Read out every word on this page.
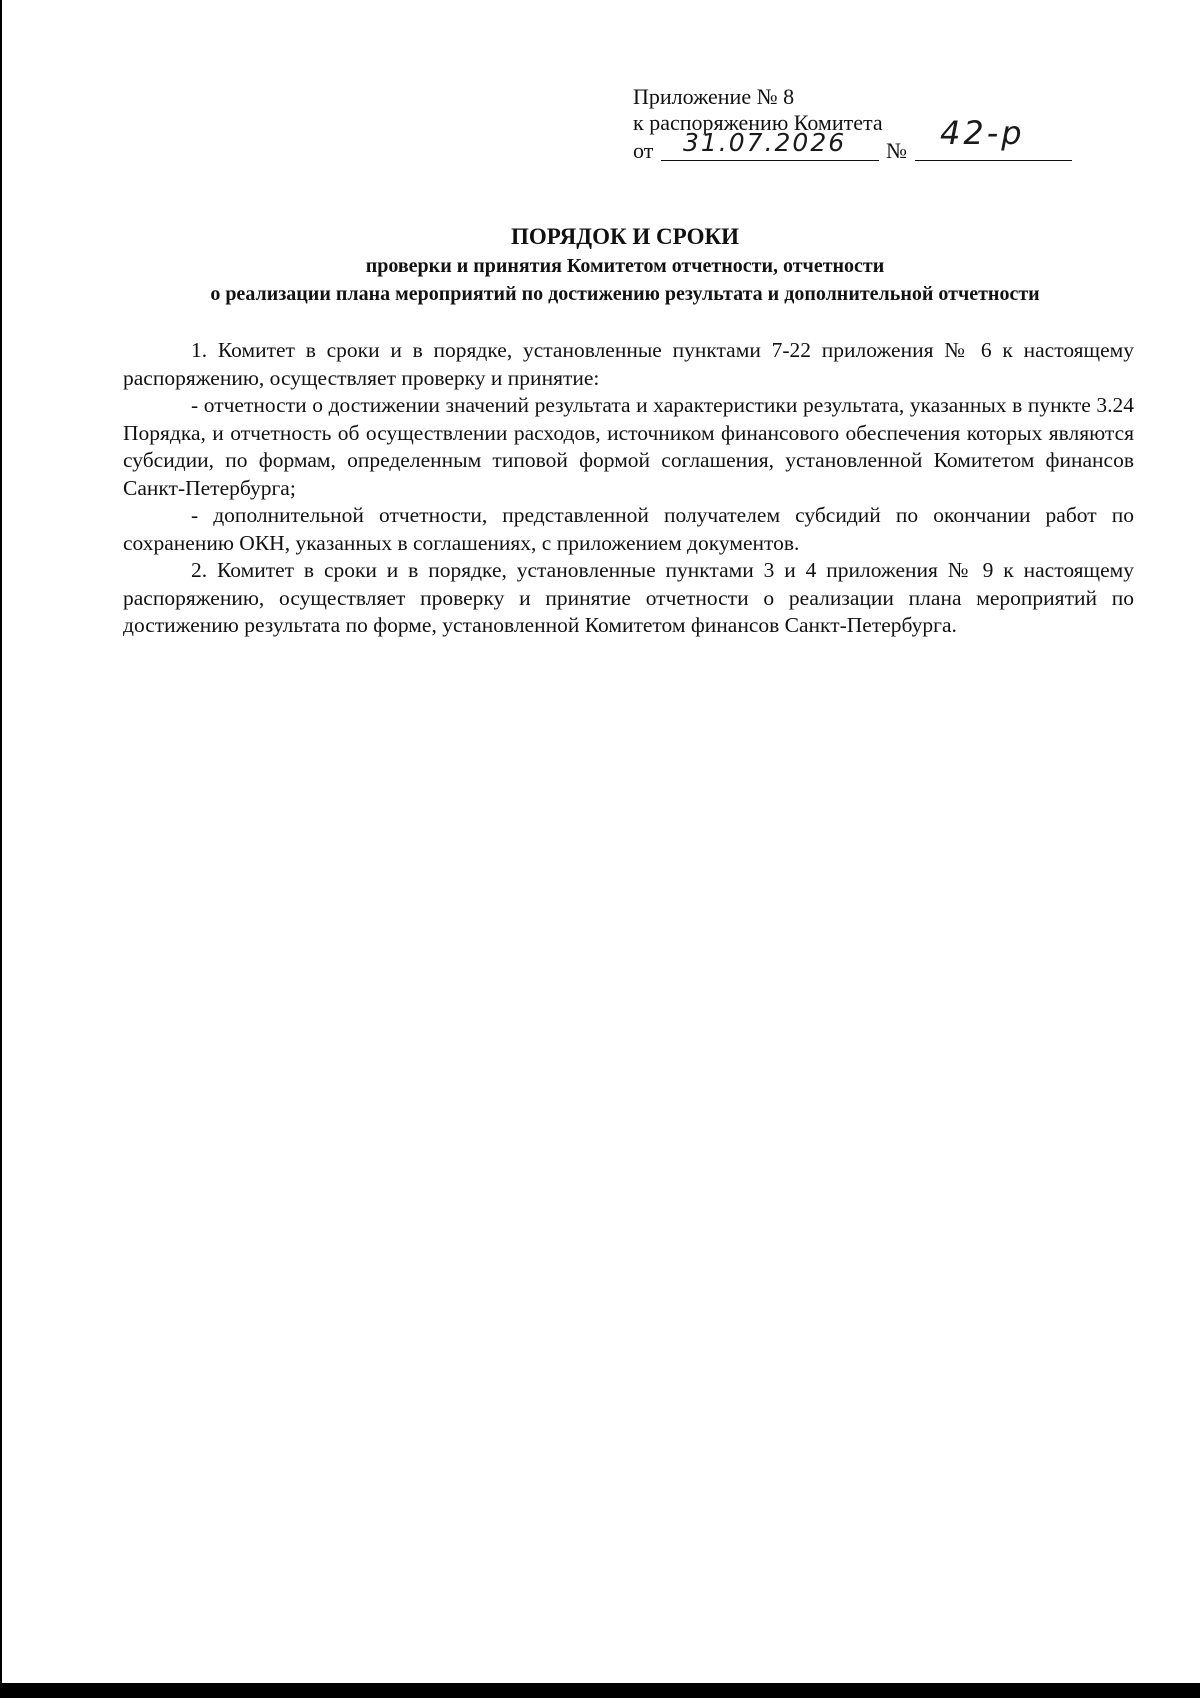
Приложение № 8
к распоряжению Комитета
от 31.07.2026 № 42-р
ПОРЯДОК И СРОКИ
проверки и принятия Комитетом отчетности, отчетности
о реализации плана мероприятий по достижению результата и дополнительной отчетности

1. Комитет в сроки и в порядке, установленные пунктами 7-22 приложения № 6 к настоящему распоряжению, осуществляет проверку и принятие:

- отчетности о достижении значений результата и характеристики результата, указанных в пункте 3.24 Порядка, и отчетность об осуществлении расходов, источником финансового обеспечения которых являются субсидии, по формам, определенным типовой формой соглашения, установленной Комитетом финансов Санкт-Петербурга;

- дополнительной отчетности, представленной получателем субсидий по окончании работ по сохранению ОКН, указанных в соглашениях, с приложением документов.

2. Комитет в сроки и в порядке, установленные пунктами 3 и 4 приложения № 9 к настоящему распоряжению, осуществляет проверку и принятие отчетности о реализации плана мероприятий по достижению результата по форме, установленной Комитетом финансов Санкт-Петербурга.
